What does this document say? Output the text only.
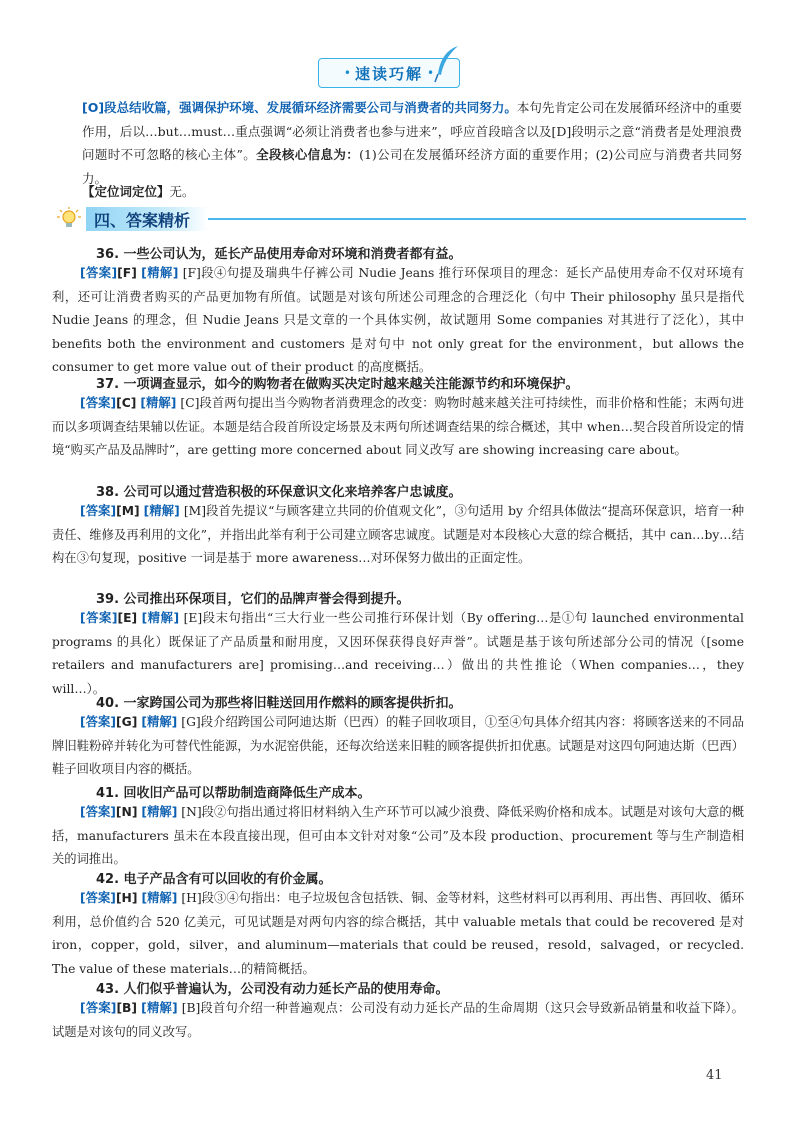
• 速读巧解 •

[O]段总结收篇，强调保护环境、发展循环经济需要公司与消费者的共同努力。本句先肯定公司在发展循环经济中的重要作用，后以…but…must…重点强调“必须让消费者也参与进来”，呼应首段暗含以及[D]段明示之意“消费者是处理浪费问题时不可忽略的核心主体”。全段核心信息为：(1)公司在发展循环经济方面的重要作用；(2)公司应与消费者共同努力。

【定位词定位】无。

四、答案精析

36. 一些公司认为，延长产品使用寿命对环境和消费者都有益。

[答案][F] [精解] [F]段④句提及瑞典牛仔裤公司 Nudie Jeans 推行环保项目的理念：延长产品使用寿命不仅对环境有利，还可让消费者购买的产品更加物有所值。试题是对该句所述公司理念的合理泛化（句中 Their philosophy 虽只是指代 Nudie Jeans 的理念，但 Nudie Jeans 只是文章的一个具体实例，故试题用 Some companies 对其进行了泛化），其中 benefits both the environment and customers 是对句中 not only great for the environment，but allows the consumer to get more value out of their product 的高度概括。

37. 一项调查显示，如今的购物者在做购买决定时越来越关注能源节约和环境保护。

[答案][C] [精解] [C]段首两句提出当今购物者消费理念的改变：购物时越来越关注可持续性，而非价格和性能；末两句进而以多项调查结果辅以佐证。本题是结合段首所设定场景及末两句所述调查结果的综合概述，其中 when…契合段首所设定的情境“购买产品及品牌时”，are getting more concerned about 同义改写 are showing increasing care about。

38. 公司可以通过营造积极的环保意识文化来培养客户忠诚度。

[答案][M] [精解] [M]段首先提议“与顾客建立共同的价值观文化”，③句适用 by 介绍具体做法“提高环保意识，培育一种责任、维修及再利用的文化”，并指出此举有利于公司建立顾客忠诚度。试题是对本段核心大意的综合概括，其中 can…by…结构在③句复现，positive 一词是基于 more awareness…对环保努力做出的正面定性。

39. 公司推出环保项目，它们的品牌声誉会得到提升。

[答案][E] [精解] [E]段末句指出“三大行业一些公司推行环保计划（By offering…是①句 launched environmental programs 的具化）既保证了产品质量和耐用度，又因环保获得良好声誉”。试题是基于该句所述部分公司的情况（[some retailers and manufacturers are] promising…and receiving…）做出的共性推论（When companies…，they will…）。

40. 一家跨国公司为那些将旧鞋送回用作燃料的顾客提供折扣。

[答案][G] [精解] [G]段介绍跨国公司阿迪达斯（巴西）的鞋子回收项目，①至④句具体介绍其内容：将顾客送来的不同品牌旧鞋粉碎并转化为可替代性能源，为水泥窑供能，还每次给送来旧鞋的顾客提供折扣优惠。试题是对这四句阿迪达斯（巴西）鞋子回收项目内容的概括。

41. 回收旧产品可以帮助制造商降低生产成本。

[答案][N] [精解] [N]段②句指出通过将旧材料纳入生产环节可以减少浪费、降低采购价格和成本。试题是对该句大意的概括，manufacturers 虽未在本段直接出现，但可由本文针对对象“公司”及本段 production、procurement 等与生产制造相关的词推出。

42. 电子产品含有可以回收的有价金属。

[答案][H] [精解] [H]段③④句指出：电子垃圾包含包括铁、铜、金等材料，这些材料可以再利用、再出售、再回收、循环利用，总价值约合 520 亿美元，可见试题是对两句内容的综合概括，其中 valuable metals that could be recovered 是对 iron，copper，gold，silver，and aluminum—materials that could be reused，resold，salvaged，or recycled. The value of these materials…的精简概括。

43. 人们似乎普遍认为，公司没有动力延长产品的使用寿命。

[答案][B] [精解] [B]段首句介绍一种普遍观点：公司没有动力延长产品的生命周期（这只会导致新品销量和收益下降）。试题是对该句的同义改写。

41
